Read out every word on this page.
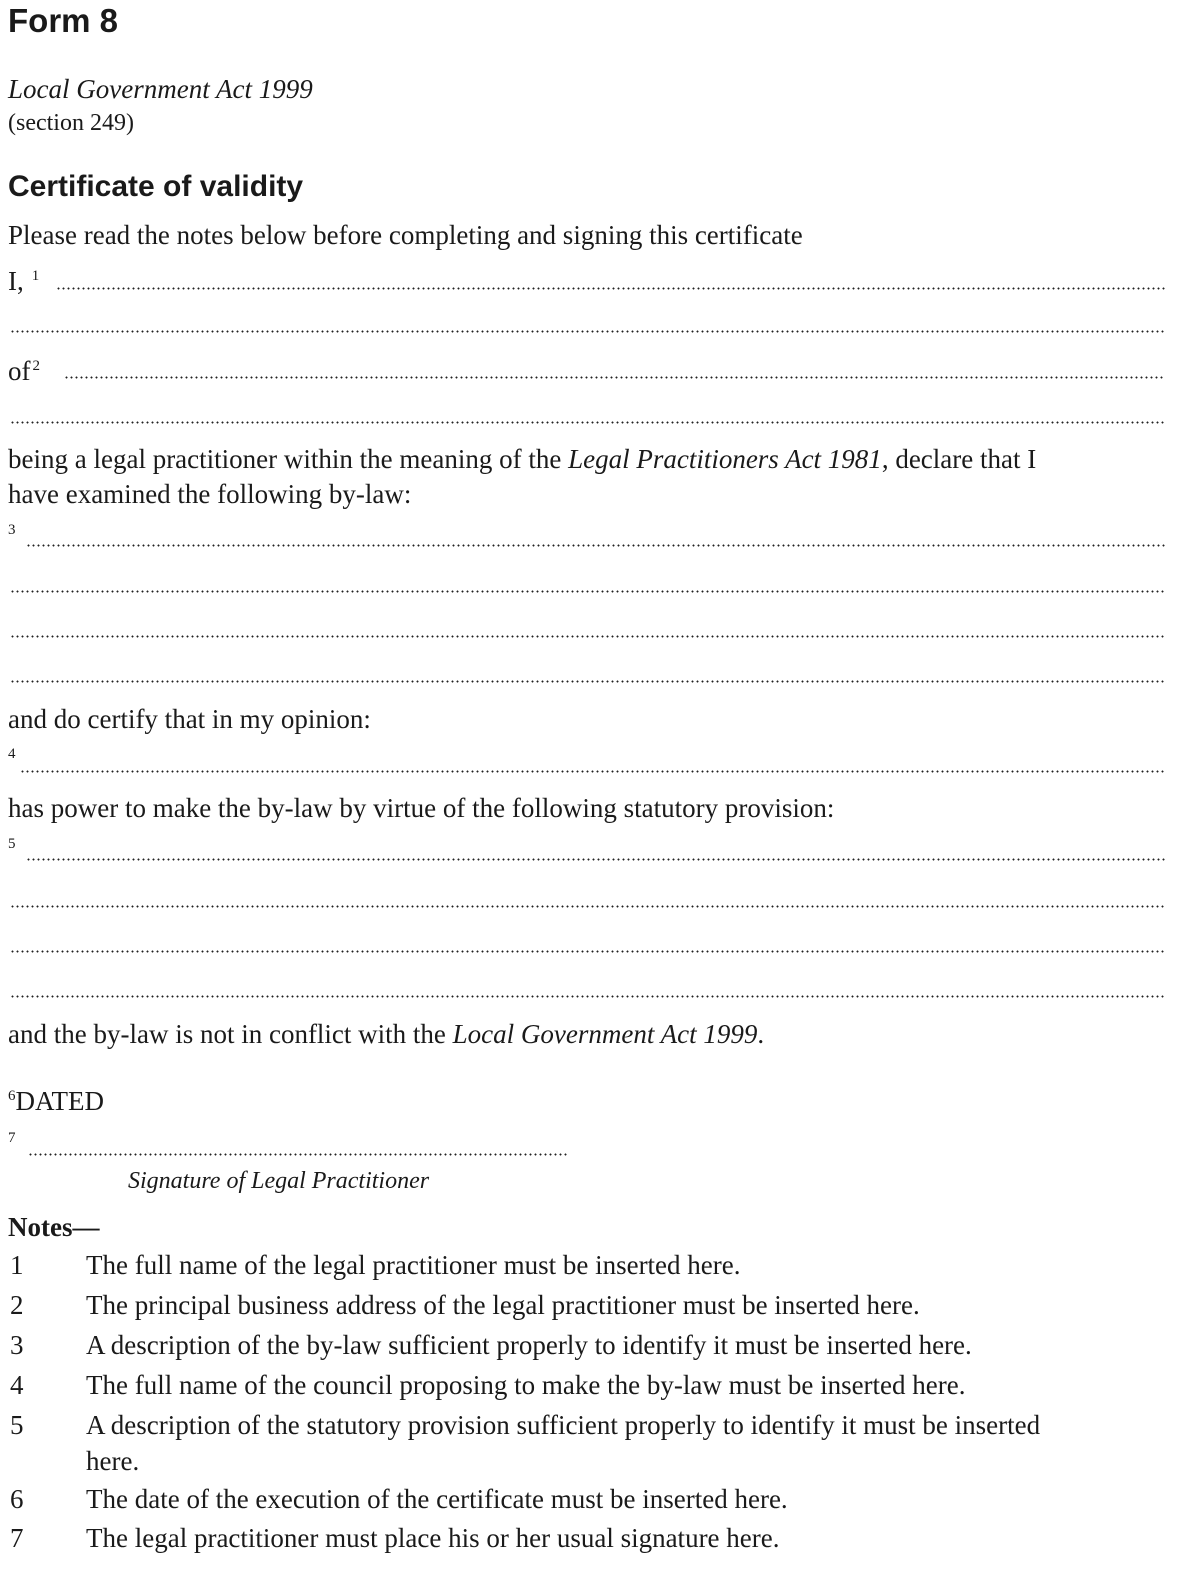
Form 8
Local Government Act 1999
(section 249)
Certificate of validity
Please read the notes below before completing and signing this certificate
I, $^1$
of $^2$
being a legal practitioner within the meaning of the Legal Practitioners Act 1981, declare that I
have examined the following by-law:
3
and do certify that in my opinion:
4
has power to make the by-law by virtue of the following statutory provision:
5
and the by-law is not in conflict with the Local Government Act 1999.
$^6$DATED
7
Signature of Legal Practitioner
Notes—
1 The full name of the legal practitioner must be inserted here.
2 The principal business address of the legal practitioner must be inserted here.
3 A description of the by-law sufficient properly to identify it must be inserted here.
4 The full name of the council proposing to make the by-law must be inserted here.
5 A description of the statutory provision sufficient properly to identify it must be inserted
here.
6 The date of the execution of the certificate must be inserted here.
7 The legal practitioner must place his or her usual signature here.
